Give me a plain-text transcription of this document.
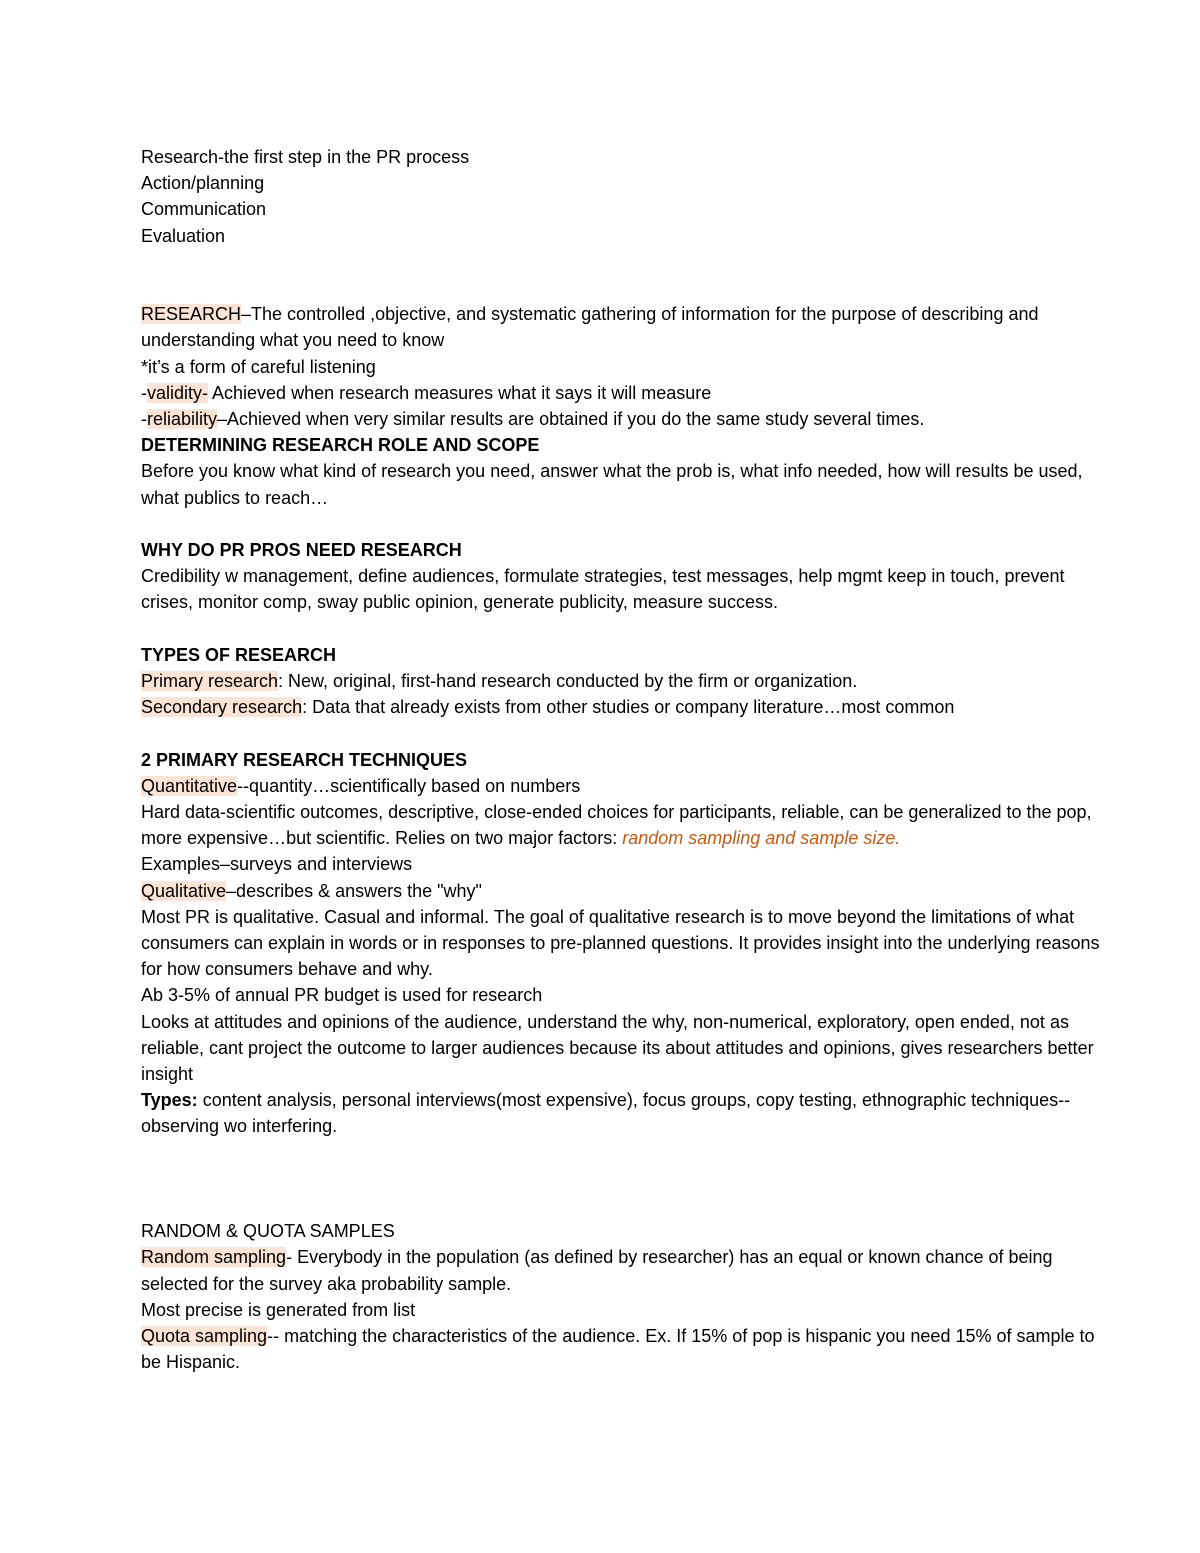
Research-the first step in the PR process

Action/planning

Communication

Evaluation

RESEARCH–The controlled ,objective, and systematic gathering of information for the purpose of describing and understanding what you need to know

*it’s a form of careful listening

-validity- Achieved when research measures what it says it will measure

-reliability–Achieved when very similar results are obtained if you do the same study several times.

DETERMINING RESEARCH ROLE AND SCOPE

Before you know what kind of research you need, answer what the prob is, what info needed, how will results be used, what publics to reach…

WHY DO PR PROS NEED RESEARCH

Credibility w management, define audiences, formulate strategies, test messages, help mgmt keep in touch, prevent crises, monitor comp, sway public opinion, generate publicity, measure success.

TYPES OF RESEARCH

Primary research: New, original, first-hand research conducted by the firm or organization.

Secondary research: Data that already exists from other studies or company literature…most common

2 PRIMARY RESEARCH TECHNIQUES

Quantitative--quantity…scientifically based on numbers

Hard data-scientific outcomes, descriptive, close-ended choices for participants, reliable, can be generalized to the pop, more expensive…but scientific. Relies on two major factors: random sampling and sample size.

Examples–surveys and interviews

Qualitative–describes & answers the "why"

Most PR is qualitative. Casual and informal. The goal of qualitative research is to move beyond the limitations of what consumers can explain in words or in responses to pre-planned questions. It provides insight into the underlying reasons for how consumers behave and why.

Ab 3-5% of annual PR budget is used for research

Looks at attitudes and opinions of the audience, understand the why, non-numerical, exploratory, open ended, not as reliable, cant project the outcome to larger audiences because its about attitudes and opinions, gives researchers better insight

Types: content analysis, personal interviews(most expensive), focus groups, copy testing, ethnographic techniques--observing wo interfering.

RANDOM & QUOTA SAMPLES

Random sampling- Everybody in the population (as defined by researcher) has an equal or known chance of being selected for the survey aka probability sample.

Most precise is generated from list

Quota sampling-- matching the characteristics of the audience. Ex. If 15% of pop is hispanic you need 15% of sample to be Hispanic.
